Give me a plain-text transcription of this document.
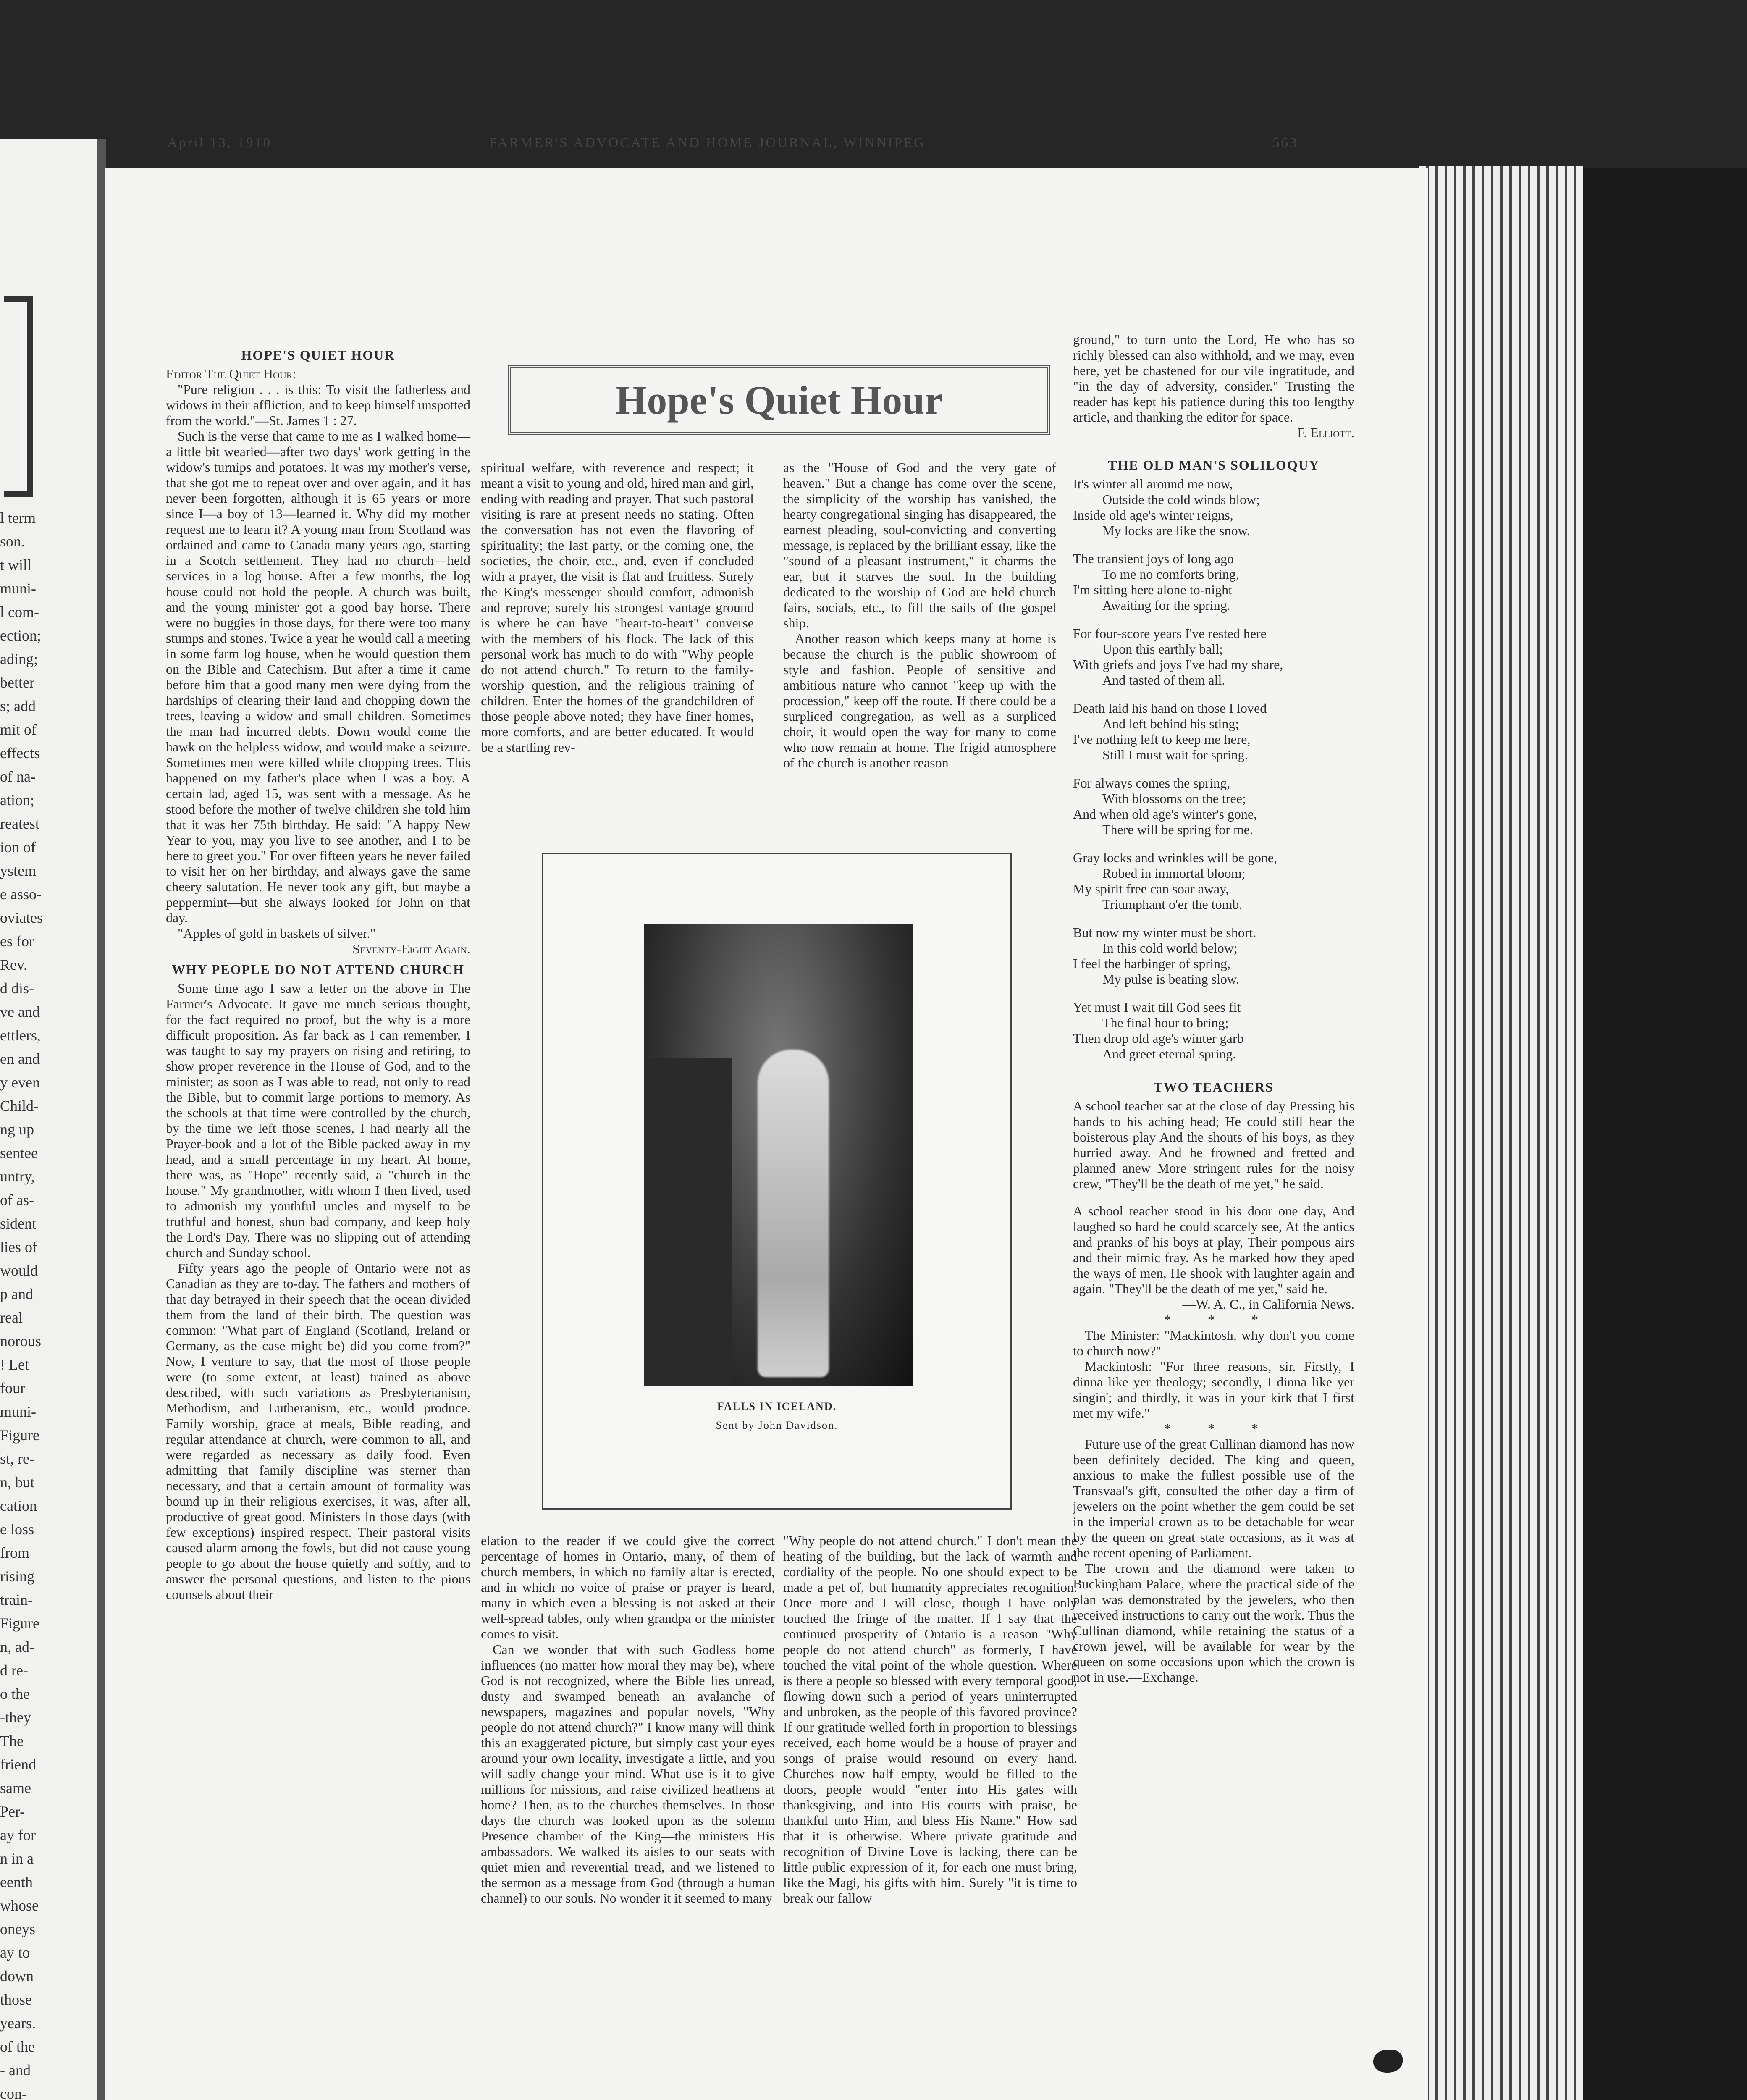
l term
son.
t will
muni-
l com-
ection;
ading;
better
s; add
mit of
effects
of na-
ation;
reatest
ion of
ystem
e asso-
oviates
es for
Rev.
d dis-
ve and
ettlers,
en and
y even
Child-
ng up
sentee
untry,
of as-
sident
lies of
would
p and
real
norous
! Let
four
muni-
Figure
st, re-
n, but
cation
e loss
from
rising
train-
Figure
n, ad-
d re-
o the
-they
The
friend
same
Per-
ay for
n in a
eenth
whose
oneys
ay to
down
those
years.
of the
- and
con-
April 13, 1910	FARMER'S ADVOCATE AND HOME JOURNAL, WINNIPEG	563
Hope's Quiet Hour

HOPE'S QUIET HOUR

Editor The Quiet Hour:

"Pure religion . . . is this: To visit the fatherless and widows in their affliction, and to keep himself unspotted from the world."—St. James 1 : 27.

Such is the verse that came to me as I walked home—a little bit wearied—after two days' work getting in the widow's turnips and potatoes. It was my mother's verse, that she got me to repeat over and over again, and it has never been forgotten, although it is 65 years or more since I—a boy of 13—learned it. Why did my mother request me to learn it? A young man from Scotland was ordained and came to Canada many years ago, starting in a Scotch settlement. They had no church—held services in a log house. After a few months, the log house could not hold the people. A church was built, and the young minister got a good bay horse. There were no buggies in those days, for there were too many stumps and stones. Twice a year he would call a meeting in some farm log house, when he would question them on the Bible and Catechism. But after a time it came before him that a good many men were dying from the hardships of clearing their land and chopping down the trees, leaving a widow and small children. Sometimes the man had incurred debts. Down would come the hawk on the helpless widow, and would make a seizure. Sometimes men were killed while chopping trees. This happened on my father's place when I was a boy. A certain lad, aged 15, was sent with a message. As he stood before the mother of twelve children she told him that it was her 75th birthday. He said: "A happy New Year to you, may you live to see another, and I to be here to greet you." For over fifteen years he never failed to visit her on her birthday, and always gave the same cheery salutation. He never took any gift, but maybe a peppermint—but she always looked for John on that day.

"Apples of gold in baskets of silver."

Seventy-Eight Again.

WHY PEOPLE DO NOT ATTEND CHURCH

Some time ago I saw a letter on the above in The Farmer's Advocate. It gave me much serious thought, for the fact required no proof, but the why is a more difficult proposition. As far back as I can remember, I was taught to say my prayers on rising and retiring, to show proper reverence in the House of God, and to the minister; as soon as I was able to read, not only to read the Bible, but to commit large portions to memory. As the schools at that time were controlled by the church, by the time we left those scenes, I had nearly all the Prayer-book and a lot of the Bible packed away in my head, and a small percentage in my heart. At home, there was, as "Hope" recently said, a "church in the house." My grandmother, with whom I then lived, used to admonish my youthful uncles and myself to be truthful and honest, shun bad company, and keep holy the Lord's Day. There was no slipping out of attending church and Sunday school.

Fifty years ago the people of Ontario were not as Canadian as they are to-day. The fathers and mothers of that day betrayed in their speech that the ocean divided them from the land of their birth. The question was common: "What part of England (Scotland, Ireland or Germany, as the case might be) did you come from?" Now, I venture to say, that the most of those people were (to some extent, at least) trained as above described, with such variations as Presbyterianism, Methodism, and Lutheranism, etc., would produce. Family worship, grace at meals, Bible reading, and regular attendance at church, were common to all, and were regarded as necessary as daily food. Even admitting that family discipline was sterner than necessary, and that a certain amount of formality was bound up in their religious exercises, it was, after all, productive of great good. Ministers in those days (with few exceptions) inspired respect. Their pastoral visits caused alarm among the fowls, but did not cause young people to go about the house quietly and softly, and to answer the personal questions, and listen to the pious counsels about their

spiritual welfare, with reverence and respect; it meant a visit to young and old, hired man and girl, ending with reading and prayer. That such pastoral visiting is rare at present needs no stating. Often the conversation has not even the flavoring of spirituality; the last party, or the coming one, the societies, the choir, etc., and, even if concluded with a prayer, the visit is flat and fruitless. Surely the King's messenger should comfort, admonish and reprove; surely his strongest vantage ground is where he can have "heart-to-heart" converse with the members of his flock. The lack of this personal work has much to do with "Why people do not attend church." To return to the family-worship question, and the religious training of children. Enter the homes of the grandchildren of those people above noted; they have finer homes, more comforts, and are better educated. It would be a startling rev-

as the "House of God and the very gate of heaven." But a change has come over the scene, the simplicity of the worship has vanished, the hearty congregational singing has disappeared, the earnest pleading, soul-convicting and converting message, is replaced by the brilliant essay, like the "sound of a pleasant instrument," it charms the ear, but it starves the soul. In the building dedicated to the worship of God are held church fairs, socials, etc., to fill the sails of the gospel ship.

Another reason which keeps many at home is because the church is the public showroom of style and fashion. People of sensitive and ambitious nature who cannot "keep up with the procession," keep off the route. If there could be a surpliced congregation, as well as a surpliced choir, it would open the way for many to come who now remain at home. The frigid atmosphere of the church is another reason

FALLS IN ICELAND.
Sent by John Davidson.

elation to the reader if we could give the correct percentage of homes in Ontario, many, of them of church members, in which no family altar is erected, and in which no voice of praise or prayer is heard, many in which even a blessing is not asked at their well-spread tables, only when grandpa or the minister comes to visit.

Can we wonder that with such Godless home influences (no matter how moral they may be), where God is not recognized, where the Bible lies unread, dusty and swamped beneath an avalanche of newspapers, magazines and popular novels, "Why people do not attend church?" I know many will think this an exaggerated picture, but simply cast your eyes around your own locality, investigate a little, and you will sadly change your mind. What use is it to give millions for missions, and raise civilized heathens at home? Then, as to the churches themselves. In those days the church was looked upon as the solemn Presence chamber of the King—the ministers His ambassadors. We walked its aisles to our seats with quiet mien and reverential tread, and we listened to the sermon as a message from God (through a human channel) to our souls. No wonder it it seemed to many

"Why people do not attend church." I don't mean the heating of the building, but the lack of warmth and cordiality of the people. No one should expect to be made a pet of, but humanity appreciates recognition. Once more and I will close, though I have only touched the fringe of the matter. If I say that the continued prosperity of Ontario is a reason "Why people do not attend church" as formerly, I have touched the vital point of the whole question. Where is there a people so blessed with every temporal good, flowing down such a period of years uninterrupted and unbroken, as the people of this favored province? If our gratitude welled forth in proportion to blessings received, each home would be a house of prayer and songs of praise would resound on every hand. Churches now half empty, would be filled to the doors, people would "enter into His gates with thanksgiving, and into His courts with praise, be thankful unto Him, and bless His Name." How sad that it is otherwise. Where private gratitude and recognition of Divine Love is lacking, there can be little public expression of it, for each one must bring, like the Magi, his gifts with him. Surely "it is time to break our fallow

ground," to turn unto the Lord, He who has so richly blessed can also withhold, and we may, even here, yet be chastened for our vile ingratitude, and "in the day of adversity, consider." Trusting the reader has kept his patience during this too lengthy article, and thanking the editor for space.

F. Elliott.

THE OLD MAN'S SOLILOQUY

It's winter all around me now,

Outside the cold winds blow;

Inside old age's winter reigns,

My locks are like the snow.

The transient joys of long ago

To me no comforts bring,

I'm sitting here alone to-night

Awaiting for the spring.

For four-score years I've rested here

Upon this earthly ball;

With griefs and joys I've had my share,

And tasted of them all.

Death laid his hand on those I loved

And left behind his sting;

I've nothing left to keep me here,

Still I must wait for spring.

For always comes the spring,

With blossoms on the tree;

And when old age's winter's gone,

There will be spring for me.

Gray locks and wrinkles will be gone,

Robed in immortal bloom;

My spirit free can soar away,

Triumphant o'er the tomb.

But now my winter must be short.

In this cold world below;

I feel the harbinger of spring,

My pulse is beating slow.

Yet must I wait till God sees fit

The final hour to bring;

Then drop old age's winter garb

And greet eternal spring.

TWO TEACHERS

A school teacher sat at the close of day Pressing his hands to his aching head; He could still hear the boisterous play And the shouts of his boys, as they hurried away. And he frowned and fretted and planned anew More stringent rules for the noisy crew, "They'll be the death of me yet," he said.

A school teacher stood in his door one day, And laughed so hard he could scarcely see, At the antics and pranks of his boys at play, Their pompous airs and their mimic fray. As he marked how they aped the ways of men, He shook with laughter again and again. "They'll be the death of me yet," said he.

—W. A. C., in California News.

* * *

The Minister: "Mackintosh, why don't you come to church now?"

Mackintosh: "For three reasons, sir. Firstly, I dinna like yer theology; secondly, I dinna like yer singin'; and thirdly, it was in your kirk that I first met my wife."

* * *

Future use of the great Cullinan diamond has now been definitely decided. The king and queen, anxious to make the fullest possible use of the Transvaal's gift, consulted the other day a firm of jewelers on the point whether the gem could be set in the imperial crown as to be detachable for wear by the queen on great state occasions, as it was at the recent opening of Parliament.

The crown and the diamond were taken to Buckingham Palace, where the practical side of the plan was demonstrated by the jewelers, who then received instructions to carry out the work. Thus the Cullinan diamond, while retaining the status of a crown jewel, will be available for wear by the queen on some occasions upon which the crown is not in use.—Exchange.
